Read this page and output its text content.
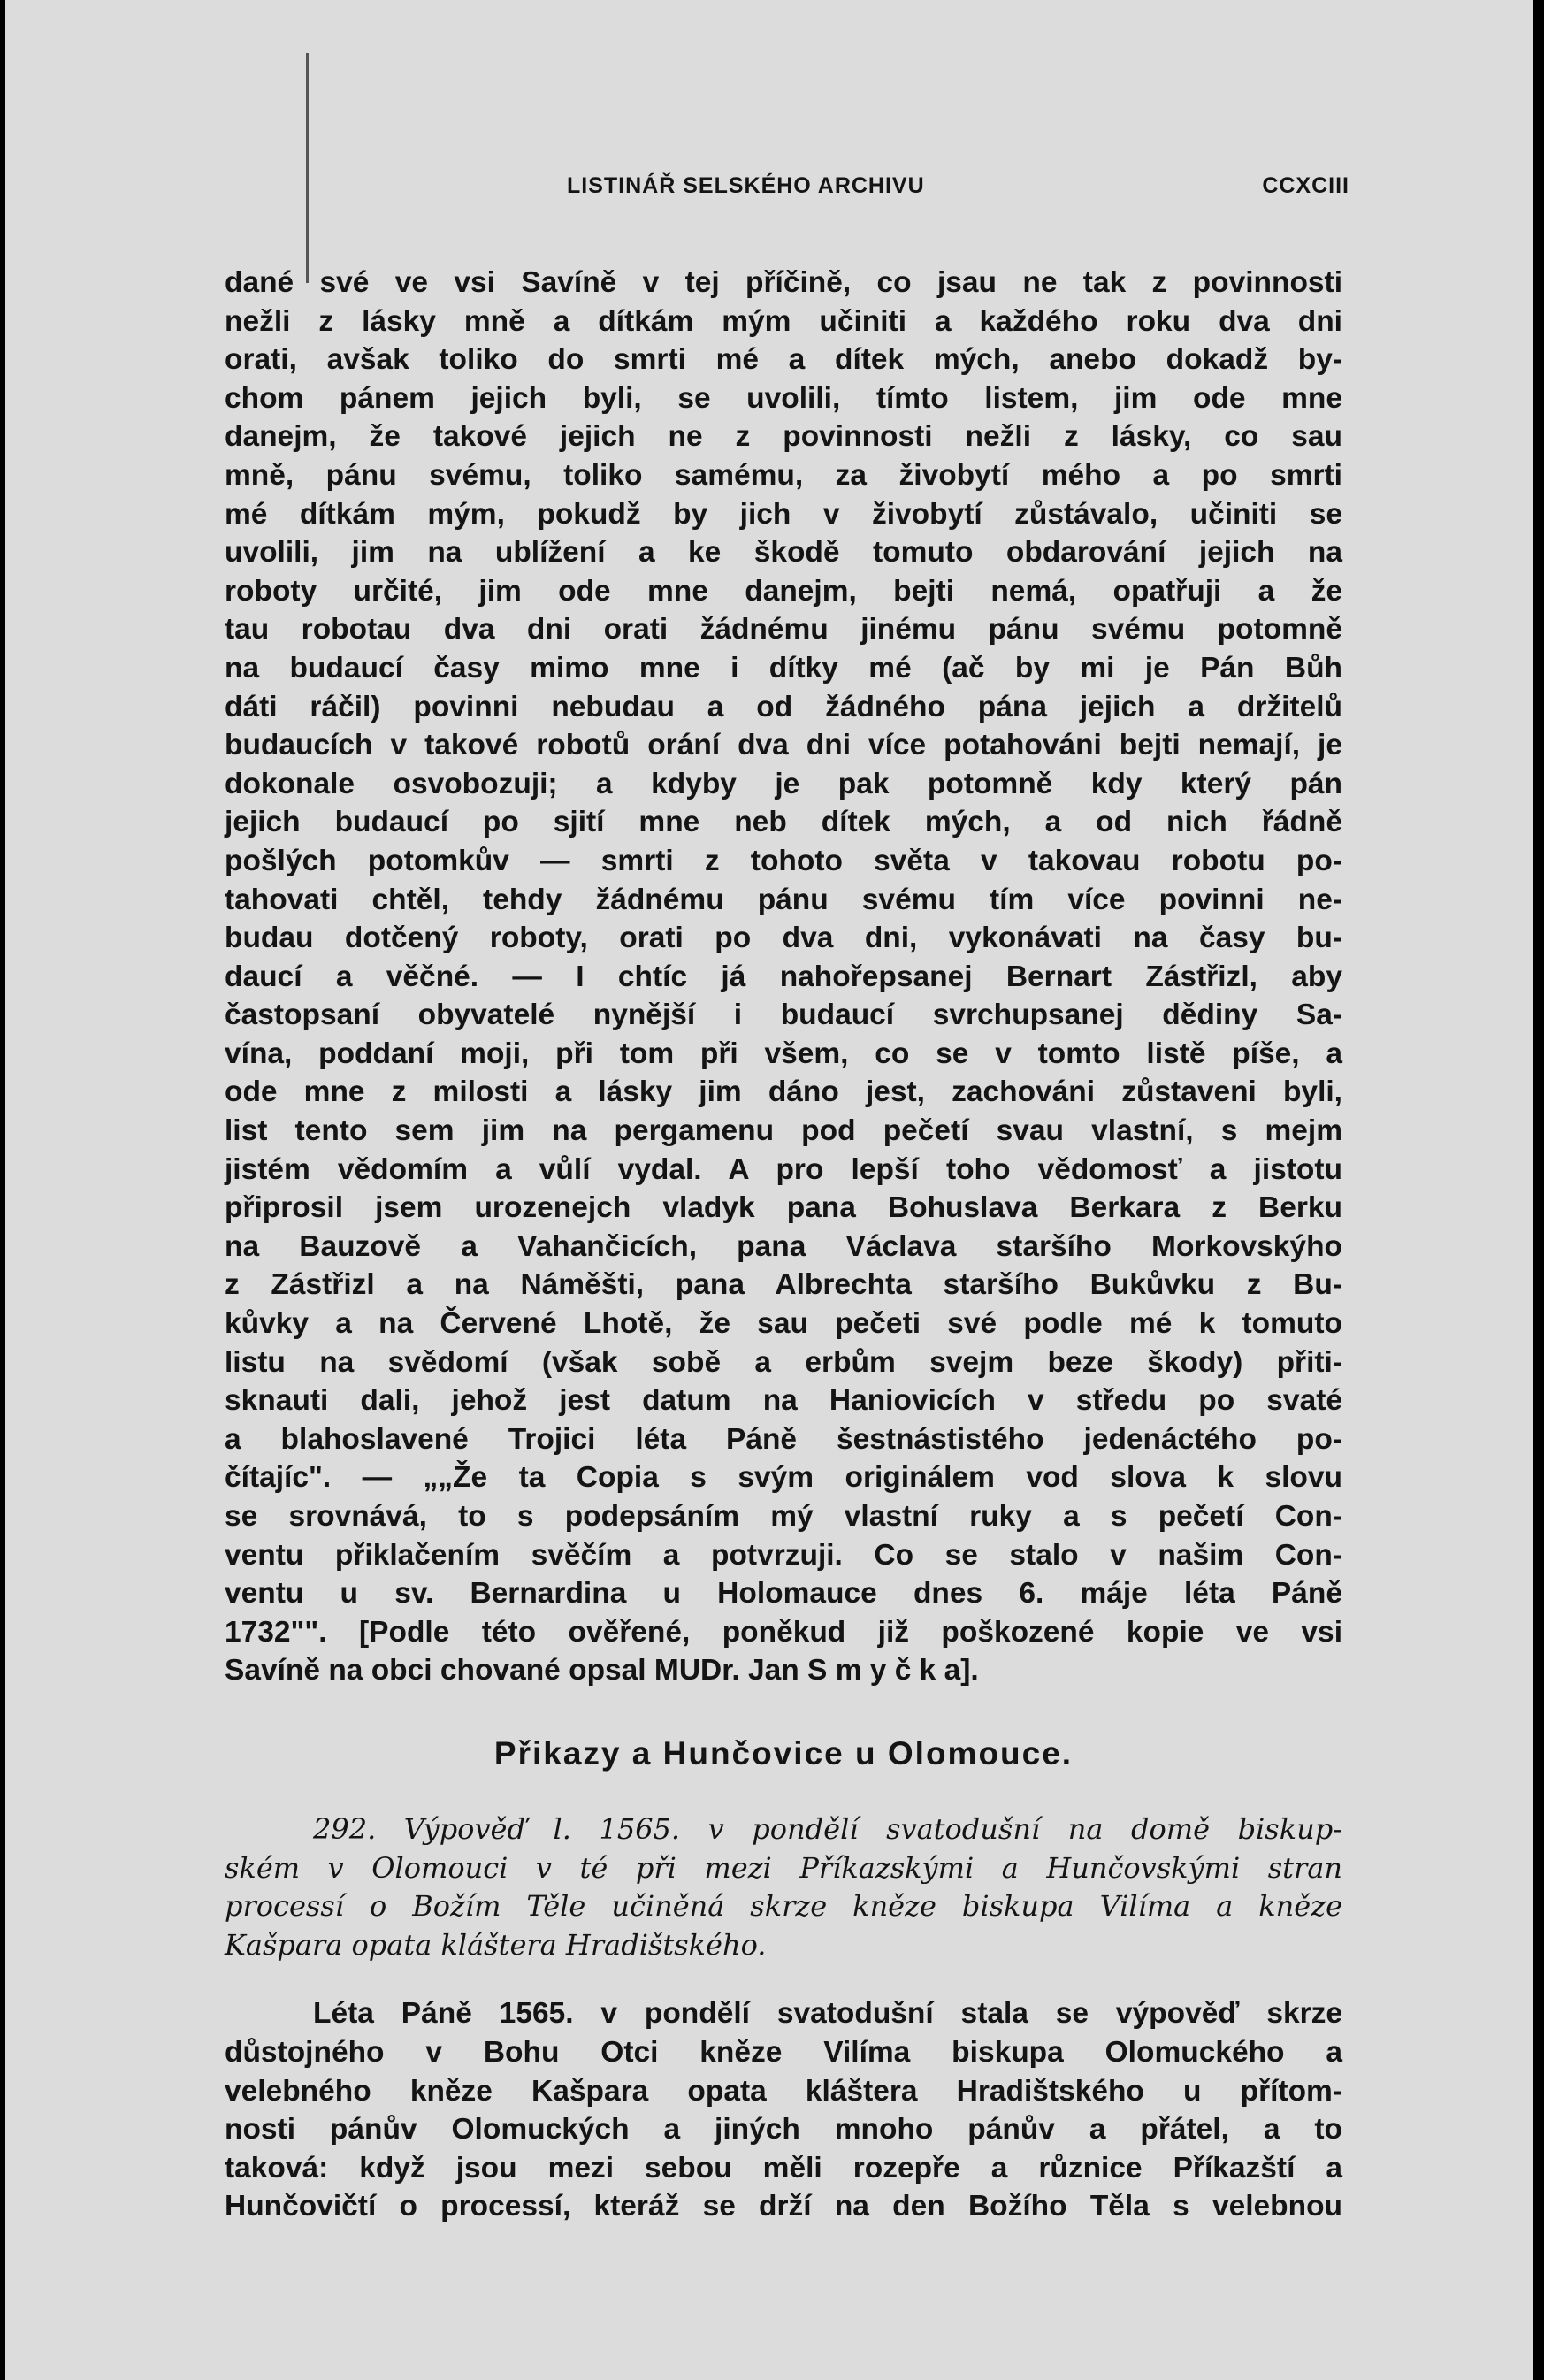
LISTINÁŘ SELSKÉHO ARCHIVU	CCXCIII
dané své ve vsi Savíně v tej příčině, co jsau ne tak z povinnosti
nežli z lásky mně a dítkám mým učiniti a každého roku dva dni
orati, avšak toliko do smrti mé a dítek mých, anebo dokadž by-
chom pánem jejich byli, se uvolili, tímto listem, jim ode mne
danejm, že takové jejich ne z povinnosti nežli z lásky, co sau
mně, pánu svému, toliko samému, za živobytí mého a po smrti
mé dítkám mým, pokudž by jich v živobytí zůstávalo, učiniti se
uvolili, jim na ublížení a ke škodě tomuto obdarování jejich na
roboty určité, jim ode mne danejm, bejti nemá, opatřuji a že
tau robotau dva dni orati žádnému jinému pánu svému potomně
na budaucí časy mimo mne i dítky mé (ač by mi je Pán Bůh
dáti ráčil) povinni nebudau a od žádného pána jejich a držitelů
budaucích v takové robotů orání dva dni více potahováni bejti nemají, je
dokonale osvobozuji; a kdyby je pak potomně kdy který pán
jejich budaucí po sjití mne neb dítek mých, a od nich řádně
pošlých potomkův — smrti z tohoto světa v takovau robotu po-
tahovati chtěl, tehdy žádnému pánu svému tím více povinni ne-
budau dotčený roboty, orati po dva dni, vykonávati na časy bu-
daucí a věčné. — I chtíc já nahořepsanej Bernart Zástřizl, aby
častopsaní obyvatelé nynější i budaucí svrchupsanej dědiny Sa-
vína, poddaní moji, při tom při všem, co se v tomto listě píše, a
ode mne z milosti a lásky jim dáno jest, zachováni zůstaveni byli,
list tento sem jim na pergamenu pod pečetí svau vlastní, s mejm
jistém vědomím a vůlí vydal. A pro lepší toho vědomosť a jistotu
připrosil jsem urozenejch vladyk pana Bohuslava Berkara z Berku
na Bauzově a Vahančicích, pana Václava staršího Morkovskýho
z Zástřizl a na Náměšti, pana Albrechta staršího Bukůvku z Bu-
kůvky a na Červené Lhotě, že sau pečeti své podle mé k tomuto
listu na svědomí (však sobě a erbům svejm beze škody) přiti-
sknauti dali, jehož jest datum na Haniovicích v středu po svaté
a blahoslavené Trojici léta Páně šestnástistého jedenáctého po-
čítajíc". — „„Že ta Copia s svým originálem vod slova k slovu
se srovnává, to s podepsáním mý vlastní ruky a s pečetí Con-
ventu přiklačením svěčím a potvrzuji. Co se stalo v našim Con-
ventu u sv. Bernardina u Holomauce dnes 6. máje léta Páně
1732"". [Podle této ověřené, poněkud již poškozené kopie ve vsi
Savíně na obci chované opsal MUDr. Jan S m y č k a].
Přikazy a Hunčovice u Olomouce.
292. Výpověď l. 1565. v pondělí svatodušní na domě biskup-
ském v Olomouci v té při mezi Příkazskými a Hunčovskými stran
processí o Božím Těle učiněná skrze kněze biskupa Vilíma a kněze
Kašpara opata kláštera Hradištského.
Léta Páně 1565. v pondělí svatodušní stala se výpověď skrze
důstojného v Bohu Otci kněze Vilíma biskupa Olomuckého a
velebného kněze Kašpara opata kláštera Hradištského u přítom-
nosti pánův Olomuckých a jiných mnoho pánův a přátel, a to
taková: když jsou mezi sebou měli rozepře a různice Příkazští a
Hunčovičtí o processí, kteráž se drží na den Božího Těla s velebnou
